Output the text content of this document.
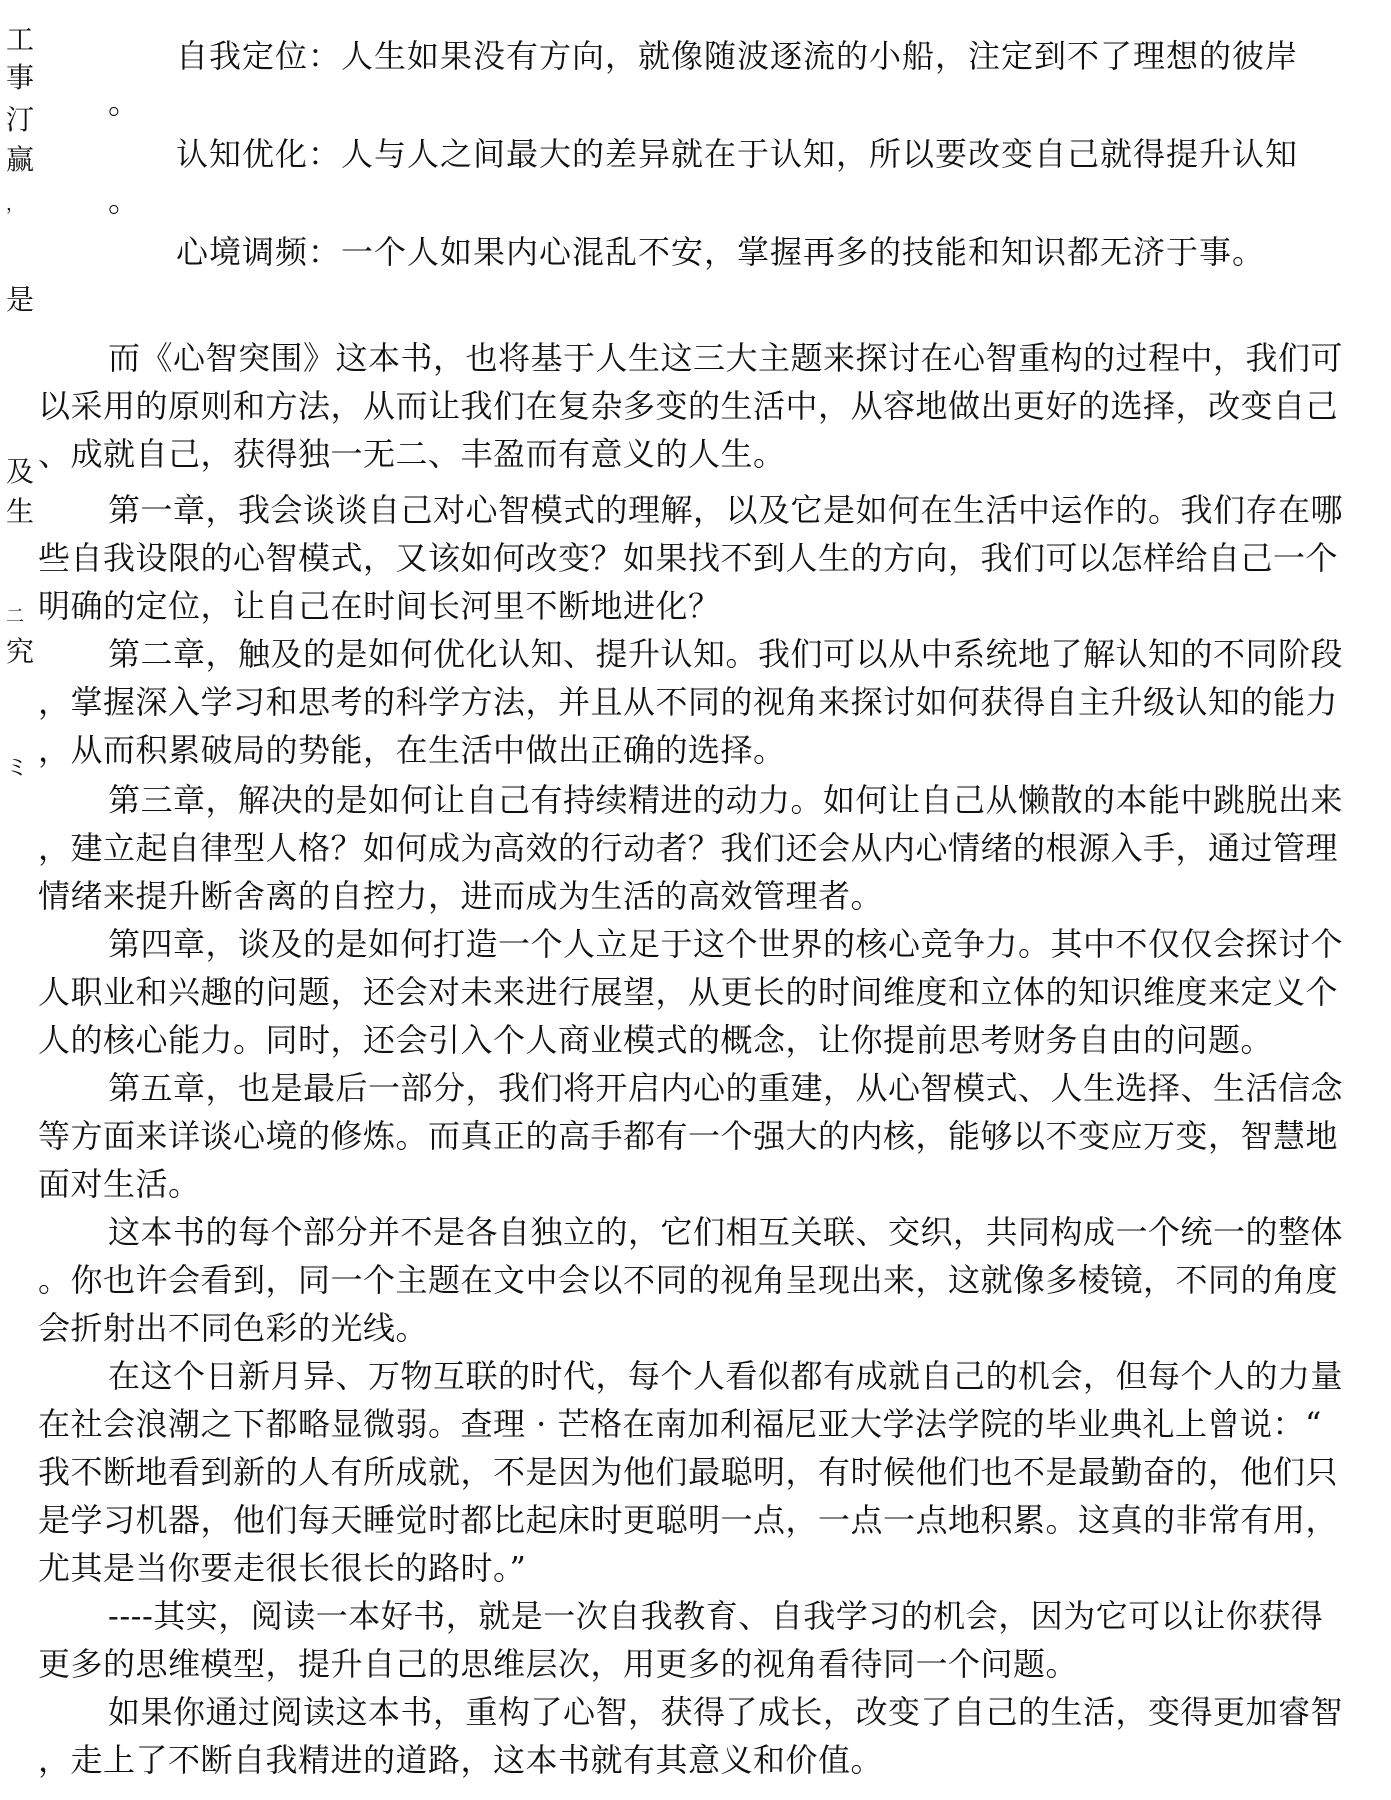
工
事
汀
赢
，
是
及
生
二
究
ミ
自我定位：人生如果没有方向，就像随波逐流的小船，注定到不了理想的彼岸
。
认知优化：人与人之间最大的差异就在于认知，所以要改变自己就得提升认知
。
心境调频：一个人如果内心混乱不安，掌握再多的技能和知识都无济于事。
而《心智突围》这本书，也将基于人生这三大主题来探讨在心智重构的过程中，我们可
以采用的原则和方法，从而让我们在复杂多变的生活中，从容地做出更好的选择，改变自己
、成就自己，获得独一无二、丰盈而有意义的人生。
第一章，我会谈谈自己对心智模式的理解，以及它是如何在生活中运作的。我们存在哪
些自我设限的心智模式，又该如何改变？如果找不到人生的方向，我们可以怎样给自己一个
明确的定位，让自己在时间长河里不断地进化？
第二章，触及的是如何优化认知、提升认知。我们可以从中系统地了解认知的不同阶段
，掌握深入学习和思考的科学方法，并且从不同的视角来探讨如何获得自主升级认知的能力
，从而积累破局的势能，在生活中做出正确的选择。
第三章，解决的是如何让自己有持续精进的动力。如何让自己从懒散的本能中跳脱出来
，建立起自律型人格？如何成为高效的行动者？我们还会从内心情绪的根源入手，通过管理
情绪来提升断舍离的自控力，进而成为生活的高效管理者。
第四章，谈及的是如何打造一个人立足于这个世界的核心竞争力。其中不仅仅会探讨个
人职业和兴趣的问题，还会对未来进行展望，从更长的时间维度和立体的知识维度来定义个
人的核心能力。同时，还会引入个人商业模式的概念，让你提前思考财务自由的问题。
第五章，也是最后一部分，我们将开启内心的重建，从心智模式、人生选择、生活信念
等方面来详谈心境的修炼。而真正的高手都有一个强大的内核，能够以不变应万变，智慧地
面对生活。
这本书的每个部分并不是各自独立的，它们相互关联、交织，共同构成一个统一的整体
。你也许会看到，同一个主题在文中会以不同的视角呈现出来，这就像多棱镜，不同的角度
会折射出不同色彩的光线。
在这个日新月异、万物互联的时代，每个人看似都有成就自己的机会，但每个人的力量
在社会浪潮之下都略显微弱。查理 · 芒格在南加利福尼亚大学法学院的毕业典礼上曾说：“
我不断地看到新的人有所成就，不是因为他们最聪明，有时候他们也不是最勤奋的，他们只
是学习机器，他们每天睡觉时都比起床时更聪明一点，一点一点地积累。这真的非常有用，
尤其是当你要走很长很长的路时。”
----其实，阅读一本好书，就是一次自我教育、自我学习的机会，因为它可以让你获得
更多的思维模型，提升自己的思维层次，用更多的视角看待同一个问题。
如果你通过阅读这本书，重构了心智，获得了成长，改变了自己的生活，变得更加睿智
，走上了不断自我精进的道路，这本书就有其意义和价值。
